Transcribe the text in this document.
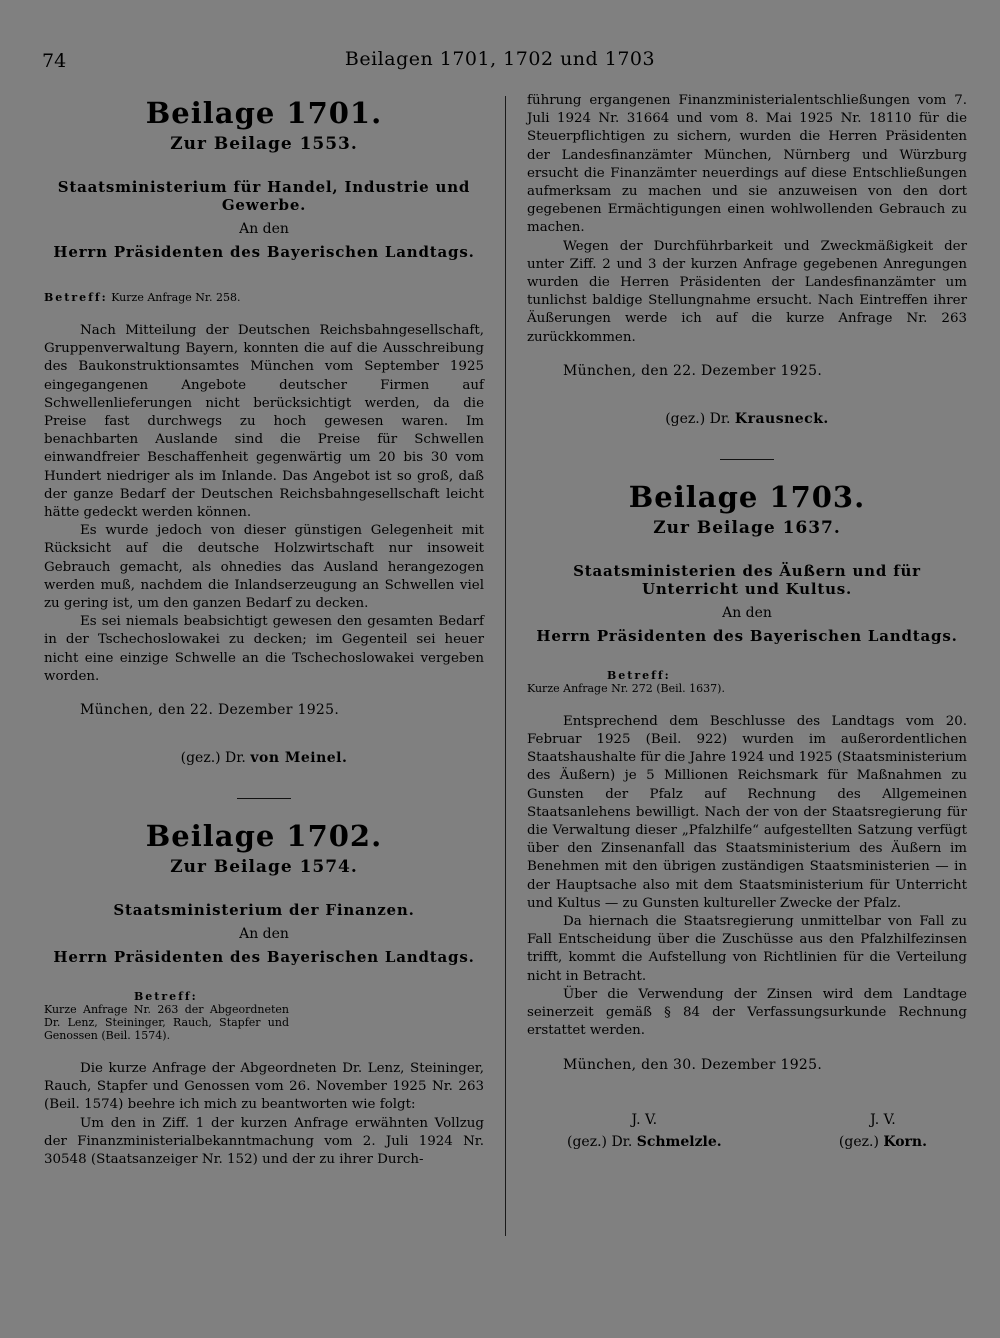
74	Beilagen 1701, 1702 und 1703
Beilage 1701.
Zur Beilage 1553.
Staatsministerium für Handel, Industrie und Gewerbe.
An den
Herrn Präsidenten des Bayerischen Landtags.
Betreff: Kurze Anfrage Nr. 258.

Nach Mitteilung der Deutschen Reichsbahngesellschaft, Gruppenverwaltung Bayern, konnten die auf die Ausschreibung des Baukonstruktionsamtes München vom September 1925 eingegangenen Angebote deutscher Firmen auf Schwellenlieferungen nicht berücksichtigt werden, da die Preise fast durchwegs zu hoch gewesen waren. Im benachbarten Auslande sind die Preise für Schwellen einwandfreier Beschaffenheit gegenwärtig um 20 bis 30 vom Hundert niedriger als im Inlande. Das Angebot ist so groß, daß der ganze Bedarf der Deutschen Reichsbahngesellschaft leicht hätte gedeckt werden können.

Es wurde jedoch von dieser günstigen Gelegenheit mit Rücksicht auf die deutsche Holzwirtschaft nur insoweit Gebrauch gemacht, als ohnedies das Ausland herangezogen werden muß, nachdem die Inlandserzeugung an Schwellen viel zu gering ist, um den ganzen Bedarf zu decken.

Es sei niemals beabsichtigt gewesen den gesamten Bedarf in der Tschechoslowakei zu decken; im Gegenteil sei heuer nicht eine einzige Schwelle an die Tschechoslowakei vergeben worden.

München, den 22. Dezember 1925.
(gez.) Dr. von Meinel.
Beilage 1702.
Zur Beilage 1574.
Staatsministerium der Finanzen.
An den
Herrn Präsidenten des Bayerischen Landtags.
Betreff:
Kurze Anfrage Nr. 263 der Abgeordneten Dr. Lenz, Steininger, Rauch, Stapfer und Genossen (Beil. 1574).

Die kurze Anfrage der Abgeordneten Dr. Lenz, Steininger, Rauch, Stapfer und Genossen vom 26. November 1925 Nr. 263 (Beil. 1574) beehre ich mich zu beantworten wie folgt:

Um den in Ziff. 1 der kurzen Anfrage erwähnten Vollzug der Finanzministerialbekanntmachung vom 2. Juli 1924 Nr. 30548 (Staatsanzeiger Nr. 152) und der zu ihrer Durch-

führung ergangenen Finanzministerialentschließungen vom 7. Juli 1924 Nr. 31664 und vom 8. Mai 1925 Nr. 18110 für die Steuerpflichtigen zu sichern, wurden die Herren Präsidenten der Landesfinanzämter München, Nürnberg und Würzburg ersucht die Finanzämter neuerdings auf diese Entschließungen aufmerksam zu machen und sie anzuweisen von den dort gegebenen Ermächtigungen einen wohlwollenden Gebrauch zu machen.

Wegen der Durchführbarkeit und Zweckmäßigkeit der unter Ziff. 2 und 3 der kurzen Anfrage gegebenen Anregungen wurden die Herren Präsidenten der Landesfinanzämter um tunlichst baldige Stellungnahme ersucht. Nach Eintreffen ihrer Äußerungen werde ich auf die kurze Anfrage Nr. 263 zurückkommen.

München, den 22. Dezember 1925.
(gez.) Dr. Krausneck.
Beilage 1703.
Zur Beilage 1637.
Staatsministerien des Äußern und für Unterricht und Kultus.
An den
Herrn Präsidenten des Bayerischen Landtags.
Betreff:
Kurze Anfrage Nr. 272 (Beil. 1637).

Entsprechend dem Beschlusse des Landtags vom 20. Februar 1925 (Beil. 922) wurden im außerordentlichen Staatshaushalte für die Jahre 1924 und 1925 (Staatsministerium des Äußern) je 5 Millionen Reichsmark für Maßnahmen zu Gunsten der Pfalz auf Rechnung des Allgemeinen Staatsanlehens bewilligt. Nach der von der Staatsregierung für die Verwaltung dieser „Pfalzhilfe“ aufgestellten Satzung verfügt über den Zinsenanfall das Staatsministerium des Äußern im Benehmen mit den übrigen zuständigen Staatsministerien — in der Hauptsache also mit dem Staatsministerium für Unterricht und Kultus — zu Gunsten kultureller Zwecke der Pfalz.

Da hiernach die Staatsregierung unmittelbar von Fall zu Fall Entscheidung über die Zuschüsse aus den Pfalzhilfezinsen trifft, kommt die Aufstellung von Richtlinien für die Verteilung nicht in Betracht.

Über die Verwendung der Zinsen wird dem Landtage seinerzeit gemäß § 84 der Verfassungsurkunde Rechnung erstattet werden.

München, den 30. Dezember 1925.
J. V.
(gez.) Dr. Schmelzle.
J. V.
(gez.) Korn.
